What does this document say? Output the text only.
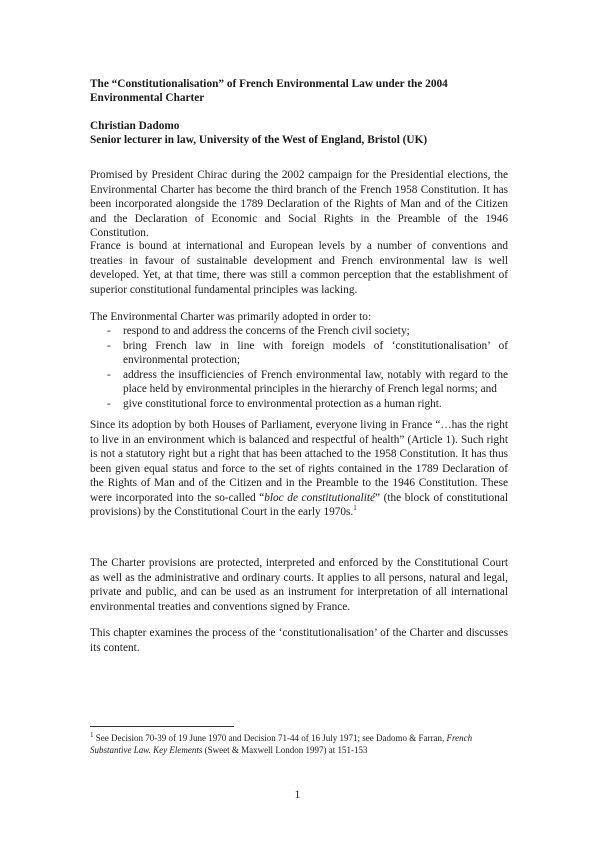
The “Constitutionalisation” of French Environmental Law under the 2004
Environmental Charter
Christian Dadomo
Senior lecturer in law, University of the West of England, Bristol (UK)

Promised by President Chirac during the 2002 campaign for the Presidential elections, the Environmental Charter has become the third branch of the French 1958 Constitution. It has been incorporated alongside the 1789 Declaration of the Rights of Man and of the Citizen and the Declaration of Economic and Social Rights in the Preamble of the 1946 Constitution.

France is bound at international and European levels by a number of conventions and treaties in favour of sustainable development and French environmental law is well developed. Yet, at that time, there was still a common perception that the establishment of superior constitutional fundamental principles was lacking.

The Environmental Charter was primarily adopted in order to:

- respond to and address the concerns of the French civil society;
- bring French law in line with foreign models of ‘constitutionalisation’ of environmental protection;
- address the insufficiencies of French environmental law, notably with regard to the place held by environmental principles in the hierarchy of French legal norms; and
- give constitutional force to environmental protection as a human right.

Since its adoption by both Houses of Parliament, everyone living in France “…has the right to live in an environment which is balanced and respectful of health” (Article 1). Such right is not a statutory right but a right that has been attached to the 1958 Constitution. It has thus been given equal status and force to the set of rights contained in the 1789 Declaration of the Rights of Man and of the Citizen and in the Preamble to the 1946 Constitution. These were incorporated into the so-called “bloc de constitutionalité” (the block of constitutional provisions) by the Constitutional Court in the early 1970s.$^1$

The Charter provisions are protected, interpreted and enforced by the Constitutional Court as well as the administrative and ordinary courts. It applies to all persons, natural and legal, private and public, and can be used as an instrument for interpretation of all international environmental treaties and conventions signed by France.

This chapter examines the process of the ‘constitutionalisation’ of the Charter and discusses its content.

$^1$ See Decision 70-39 of 19 June 1970 and Decision 71-44 of 16 July 1971; see Dadomo & Farran, French Substantive Law. Key Elements (Sweet & Maxwell London 1997) at 151-153
1
